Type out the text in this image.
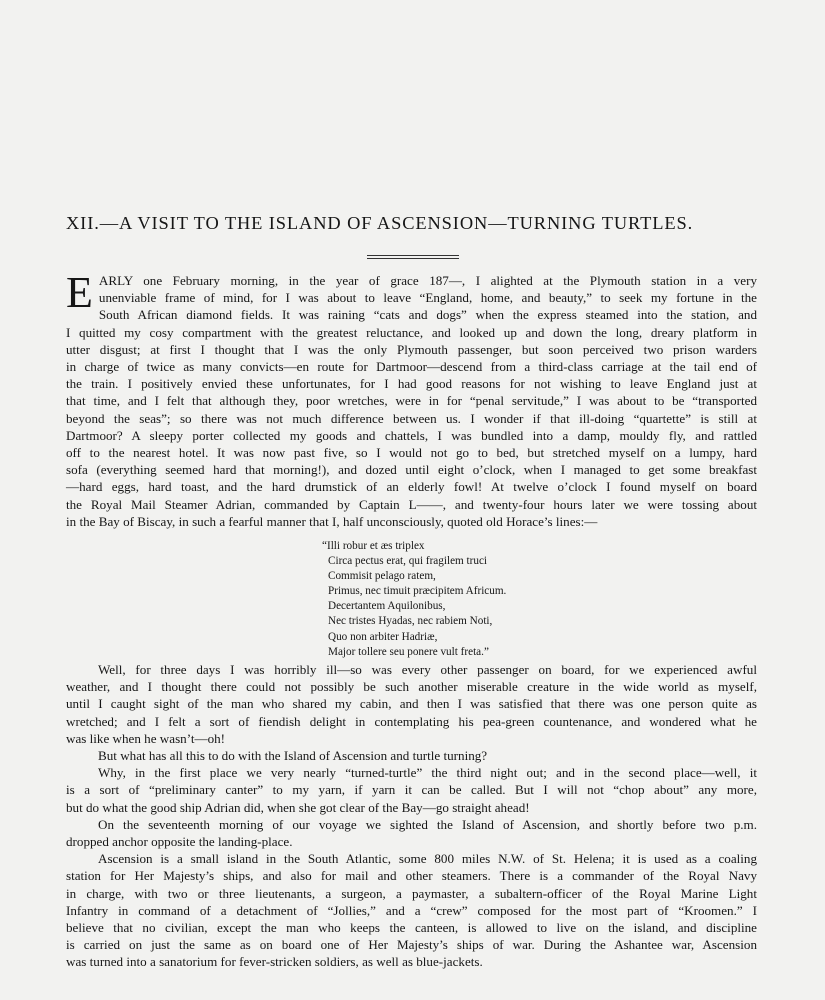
XII.—A VISIT TO THE ISLAND OF ASCENSION—TURNING TURTLES.
E ARLY one February morning, in the year of grace 187—, I alighted at the Plymouth station in a very
unenviable frame of mind, for I was about to leave “England, home, and beauty,” to seek my fortune in the
South African diamond fields. It was raining “cats and dogs” when the express steamed into the station, and
I quitted my cosy compartment with the greatest reluctance, and looked up and down the long, dreary platform in
utter disgust; at first I thought that I was the only Plymouth passenger, but soon perceived two prison warders
in charge of twice as many convicts—en route for Dartmoor—descend from a third-class carriage at the tail end of
the train. I positively envied these unfortunates, for I had good reasons for not wishing to leave England just at
that time, and I felt that although they, poor wretches, were in for “penal servitude,” I was about to be “transported
beyond the seas”; so there was not much difference between us. I wonder if that ill-doing “quartette” is still at
Dartmoor? A sleepy porter collected my goods and chattels, I was bundled into a damp, mouldy fly, and rattled
off to the nearest hotel. It was now past five, so I would not go to bed, but stretched myself on a lumpy, hard
sofa (everything seemed hard that morning!), and dozed until eight o’clock, when I managed to get some breakfast
—hard eggs, hard toast, and the hard drumstick of an elderly fowl! At twelve o’clock I found myself on board
the Royal Mail Steamer Adrian, commanded by Captain L——, and twenty-four hours later we were tossing about
in the Bay of Biscay, in such a fearful manner that I, half unconsciously, quoted old Horace’s lines:—
“Illi robur et æs triplex
Circa pectus erat, qui fragilem truci
Commisit pelago ratem,
Primus, nec timuit præcipitem Africum.
Decertantem Aquilonibus,
Nec tristes Hyadas, nec rabiem Noti,
Quo non arbiter Hadriæ,
Major tollere seu ponere vult freta.”
Well, for three days I was horribly ill—so was every other passenger on board, for we experienced awful
weather, and I thought there could not possibly be such another miserable creature in the wide world as myself,
until I caught sight of the man who shared my cabin, and then I was satisfied that there was one person quite as
wretched; and I felt a sort of fiendish delight in contemplating his pea-green countenance, and wondered what he
was like when he wasn’t—oh!
But what has all this to do with the Island of Ascension and turtle turning?
Why, in the first place we very nearly “turned-turtle” the third night out; and in the second place—well, it
is a sort of “preliminary canter” to my yarn, if yarn it can be called. But I will not “chop about” any more,
but do what the good ship Adrian did, when she got clear of the Bay—go straight ahead!
On the seventeenth morning of our voyage we sighted the Island of Ascension, and shortly before two p.m.
dropped anchor opposite the landing-place.
Ascension is a small island in the South Atlantic, some 800 miles N.W. of St. Helena; it is used as a coaling
station for Her Majesty’s ships, and also for mail and other steamers. There is a commander of the Royal Navy
in charge, with two or three lieutenants, a surgeon, a paymaster, a subaltern-officer of the Royal Marine Light
Infantry in command of a detachment of “Jollies,” and a “crew” composed for the most part of “Kroomen.” I
believe that no civilian, except the man who keeps the canteen, is allowed to live on the island, and discipline
is carried on just the same as on board one of Her Majesty’s ships of war. During the Ashantee war, Ascension
was turned into a sanatorium for fever-stricken soldiers, as well as blue-jackets.
